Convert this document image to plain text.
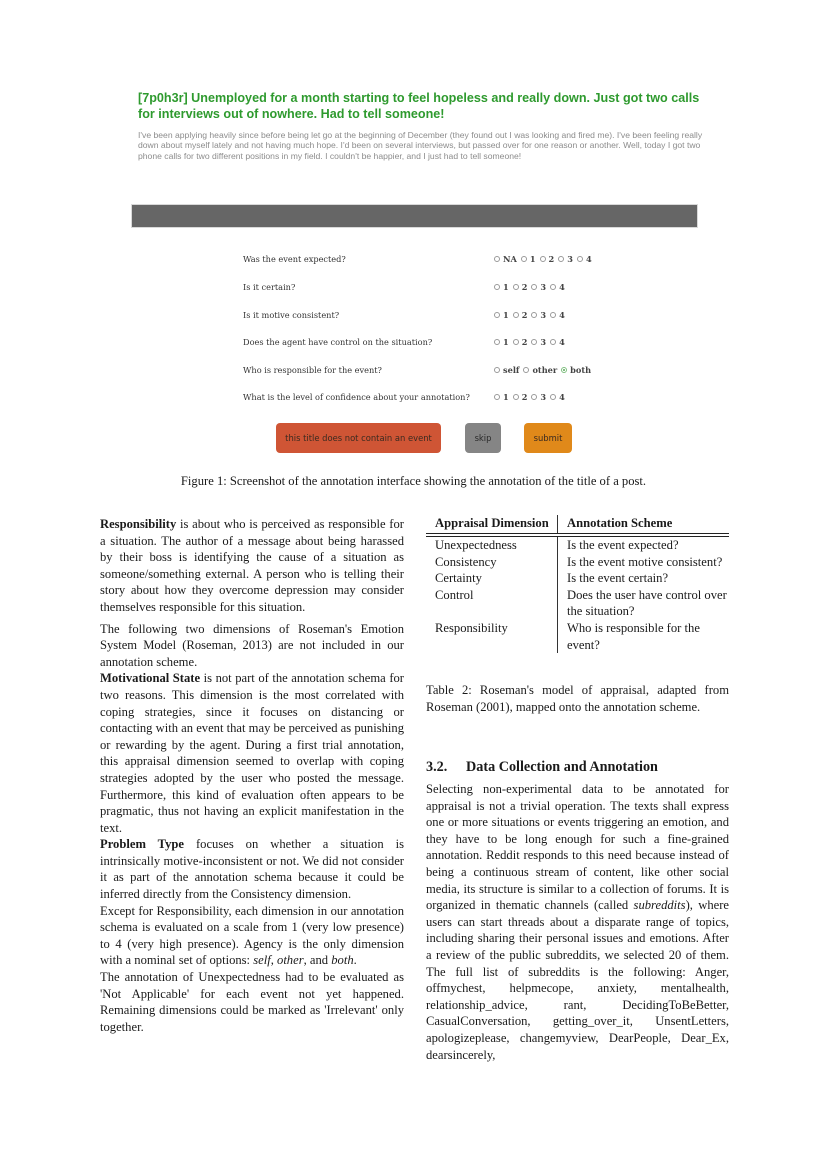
[7p0h3r] Unemployed for a month starting to feel hopeless and really down. Just got two calls for interviews out of nowhere. Had to tell someone!
I've been applying heavily since before being let go at the beginning of December (they found out I was looking and fired me). I've been feeling really down about myself lately and not having much hope. I'd been on several interviews, but passed over for one reason or another. Well, today I got two phone calls for two different positions in my field. I couldn't be happier, and I just had to tell someone!
Was the event expected?	NA 1 2 3 4
Is it certain?	1 2 3 4
Is it motive consistent?	1 2 3 4
Does the agent have control on the situation?	1 2 3 4
Who is responsible for the event?	self other both
What is the level of confidence about your annotation?	1 2 3 4
this title does not contain an event	skip	submit
Figure 1: Screenshot of the annotation interface showing the annotation of the title of a post.

Responsibility is about who is perceived as responsible for a situation. The author of a message about being harassed by their boss is identifying the cause of a situation as someone/something external. A person who is telling their story about how they overcome depression may consider themselves responsible for this situation.

The following two dimensions of Roseman's Emotion System Model (Roseman, 2013) are not included in our annotation scheme.

Motivational State is not part of the annotation schema for two reasons. This dimension is the most correlated with coping strategies, since it focuses on distancing or contacting with an event that may be perceived as punishing or rewarding by the agent. During a first trial annotation, this appraisal dimension seemed to overlap with coping strategies adopted by the user who posted the message. Furthermore, this kind of evaluation often appears to be pragmatic, thus not having an explicit manifestation in the text.

Problem Type focuses on whether a situation is intrinsically motive-inconsistent or not. We did not consider it as part of the annotation schema because it could be inferred directly from the Consistency dimension.

Except for Responsibility, each dimension in our annotation schema is evaluated on a scale from 1 (very low presence) to 4 (very high presence). Agency is the only dimension with a nominal set of options: self, other, and both.

The annotation of Unexpectedness had to be evaluated as 'Not Applicable' for each event not yet happened. Remaining dimensions could be marked as 'Irrelevant' only together.

Appraisal Dimension	Annotation Scheme
Unexpectedness	Is the event expected?
Consistency	Is the event motive consistent?
Certainty	Is the event certain?
Control	Does the user have control over the situation?
Responsibility	Who is responsible for the event?
Table 2: Roseman's model of appraisal, adapted from Roseman (2001), mapped onto the annotation scheme.
3.2. Data Collection and Annotation

Selecting non-experimental data to be annotated for appraisal is not a trivial operation. The texts shall express one or more situations or events triggering an emotion, and they have to be long enough for such a fine-grained annotation. Reddit responds to this need because instead of being a continuous stream of content, like other social media, its structure is similar to a collection of forums. It is organized in thematic channels (called subreddits), where users can start threads about a disparate range of topics, including sharing their personal issues and emotions. After a review of the public subreddits, we selected 20 of them. The full list of subreddits is the following: Anger, offmychest, helpmecope, anxiety, mentalhealth, relationship_advice, rant, DecidingToBeBetter, CasualConversation, getting_over_it, UnsentLetters, apologizeplease, changemyview, DearPeople, Dear_Ex, dearsincerely,
